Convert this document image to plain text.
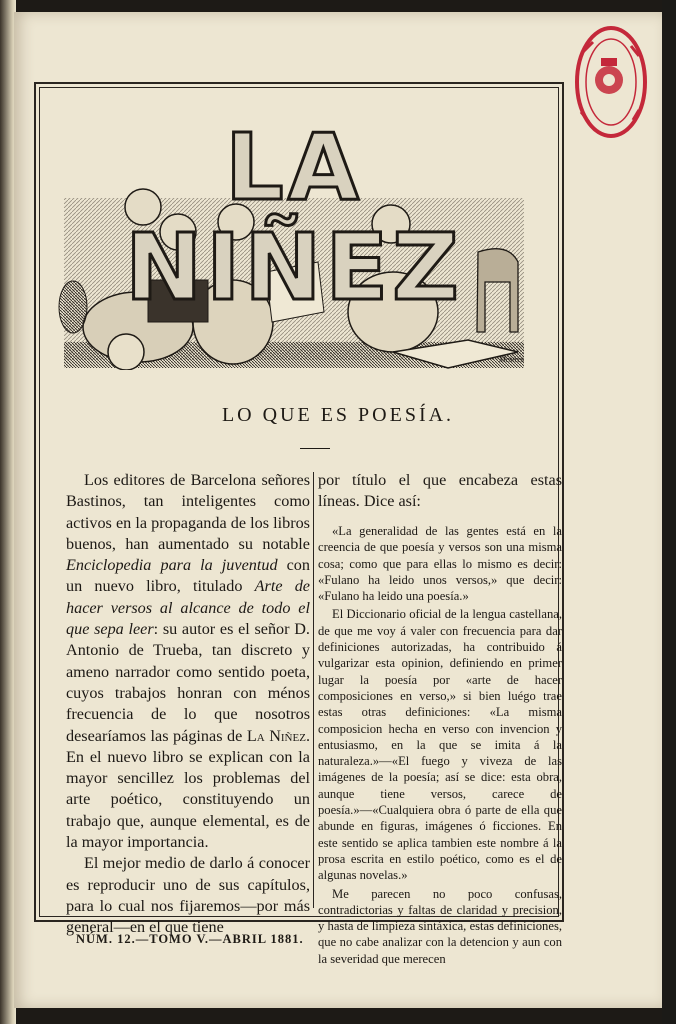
LA NIÑEZ
Mestres
LO QUE ES POESÍA.

Los editores de Barcelona señores Bastinos, tan inteligentes como activos en la propaganda de los libros buenos, han aumentado su notable Enciclopedia para la juventud con un nuevo libro, titulado Arte de hacer versos al alcance de todo el que sepa leer: su autor es el señor D. Antonio de Trueba, tan discreto y ameno narrador como sentido poeta, cuyos trabajos honran con ménos frecuencia de lo que nosotros desearíamos las páginas de La Niñez. En el nuevo libro se explican con la mayor sencillez los problemas del arte poético, constituyendo un trabajo que, aunque elemental, es de la mayor importancia.

El mejor medio de darlo á conocer es reproducir uno de sus capítulos, para lo cual nos fijaremos—por más general—en el que tiene

por título el que encabeza estas líneas. Dice así:

«La generalidad de las gentes está en la creencia de que poesía y versos son una misma cosa; como que para ellas lo mismo es decir: «Fulano ha leido unos versos,» que decir: «Fulano ha leido una poesía.»

El Diccionario oficial de la lengua castellana, de que me voy á valer con frecuencia para dar definiciones autorizadas, ha contribuido á vulgarizar esta opinion, definiendo en primer lugar la poesía por «arte de hacer composiciones en verso,» si bien luégo trae estas otras definiciones: «La misma composicion hecha en verso con invencion y entusiasmo, en la que se imita á la naturaleza.»—«El fuego y viveza de las imágenes de la poesía; así se dice: esta obra, aunque tiene versos, carece de poesía.»—«Cualquiera obra ó parte de ella que abunde en figuras, imágenes ó ficciones. En este sentido se aplica tambien este nombre á la prosa escrita en estilo poético, como es el de algunas novelas.»

Me parecen no poco confusas, contradictorias y faltas de claridad y precision, y hasta de limpieza sintáxica, estas definiciones, que no cabe analizar con la detencion y aun con la severidad que merecen

NÚM. 12.—TOMO V.—ABRIL 1881.
